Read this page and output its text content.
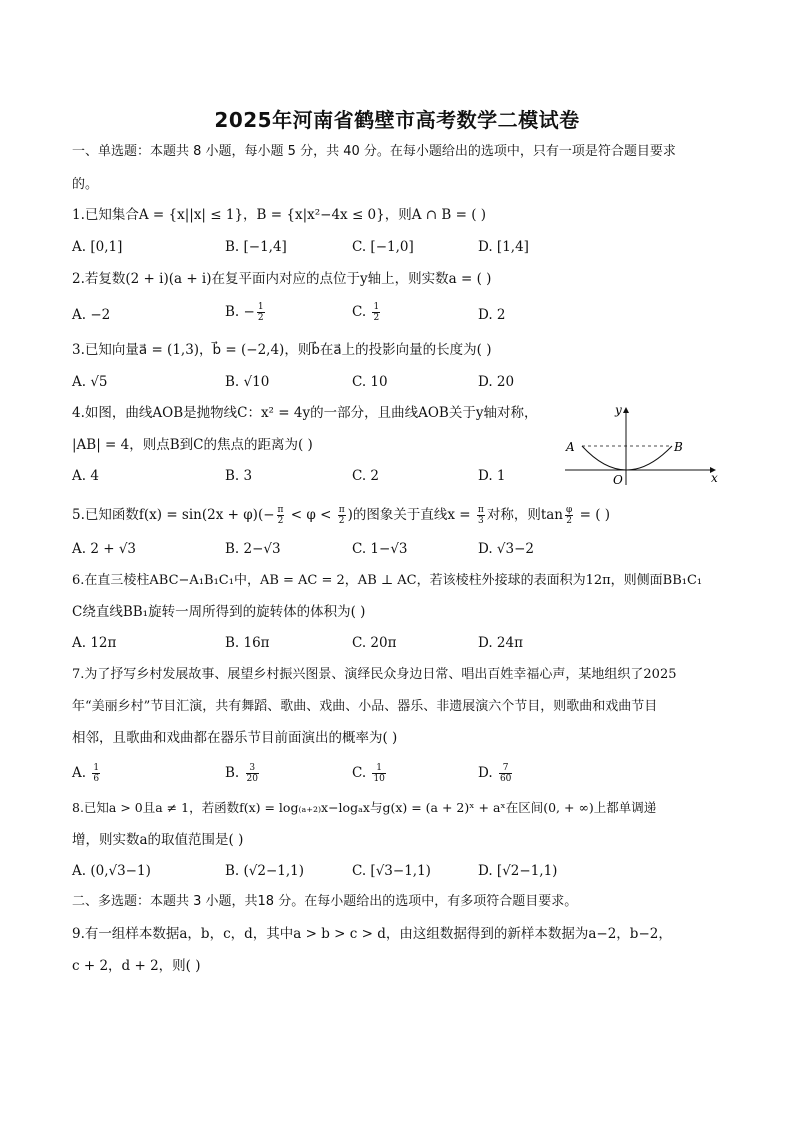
2025年河南省鹤壁市高考数学二模试卷
一、单选题：本题共 8 小题，每小题 5 分，共 40 分。在每小题给出的选项中，只有一项是符合题目要求
的。
1.已知集合A = {x||x| ≤ 1}，B = {x|x²−4x ≤ 0}，则A ∩ B = ( )
A. [0,1]	B. [−1,4]	C. [−1,0]	D. [1,4]
2.若复数(2 + i)(a + i)在复平面内对应的点位于y轴上，则实数a = ( )
A. −2	B. − $\frac{1}{2}$	C. $\frac{1}{2}$	D. 2
3.已知向量a⃗ = (1,3)，b⃗ = (−2,4)，则b⃗在a⃗上的投影向量的长度为( )
A. √5	B. √10	C. 10	D. 20
4.如图，曲线AOB是抛物线C：x² = 4y的一部分，且曲线AOB关于y轴对称，
|AB| = 4，则点B到C的焦点的距离为( )
A. 4	B. 3	C. 2	D. 1
y
x
A	B
O
5.已知函数$f(x) = \sin(2x + \varphi)(- \frac{\pi}{2} < \varphi < \frac{\pi}{2}$ )的图象关于直线$x = \frac{\pi}{3}$ 对称，则$\tan \frac{\varphi}{2}$ = ( )
A. 2 + √3	B. 2−√3	C. 1−√3	D. √3−2
6.在直三棱柱ABC−A₁B₁C₁中，AB = AC = 2，AB ⊥ AC，若该棱柱外接球的表面积为12π，则侧面BB₁C₁
C绕直线BB₁旋转一周所得到的旋转体的体积为( )
A. 12π	B. 16π	C. 20π	D. 24π
7.为了抒写乡村发展故事、展望乡村振兴图景、演绎民众身边日常、唱出百姓幸福心声，某地组织了2025
年“美丽乡村”节目汇演，共有舞蹈、歌曲、戏曲、小品、器乐、非遗展演六个节目，则歌曲和戏曲节目
相邻，且歌曲和戏曲都在器乐节目前面演出的概率为( )
A. $\frac{1}{6}$	B. $\frac{3}{20}$	C. $\frac{1}{10}$	D. $\frac{7}{60}$
8.已知a > 0且a ≠ 1，若函数f(x) = log₍ₐ₊₂₎x−logₐx与g(x) = (a + 2)ˣ + aˣ在区间(0, + ∞)上都单调递
增，则实数a的取值范围是( )
A. (0,√3−1)	B. (√2−1,1)	C. [√3−1,1)	D. [√2−1,1)
二、多选题：本题共 3 小题，共18 分。在每小题给出的选项中，有多项符合题目要求。
9.有一组样本数据a，b，c，d，其中a > b > c > d，由这组数据得到的新样本数据为a−2，b−2，
c + 2，d + 2，则( )
